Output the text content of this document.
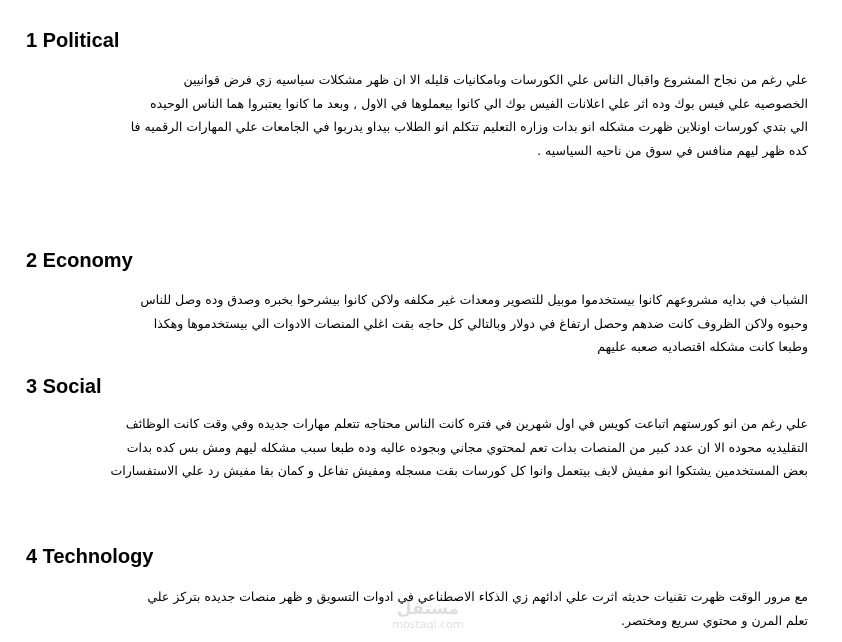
1 Political
علي رغم من نجاح المشروع واقبال الناس علي الكورسات وبامكانيات قليله الا ان ظهر مشكلات سياسيه زي فرض قوانيين
الخصوصيه علي فيس بوك وده اثر علي اعلانات الفيس بوك الي كانوا بيعملوها في الاول , وبعد ما كانوا يعتبروا هما الناس الوحيده
الي بتدي كورسات اونلاين ظهرت مشكله انو بدات وزاره التعليم تتكلم انو الطلاب بيداو يدربوا في الجامعات علي المهارات الرقميه فا
كده ظهر ليهم منافس في سوق من ناحيه السياسيه .
2 Economy
الشباب في بدايه مشروعهم كانوا بيستخدموا موبيل للتصوير ومعدات غير مكلفه ولاكن كانوا بيشرحوا بخبره وصدق وده وصل للناس
وحبوه ولاكن الظروف كانت ضدهم وحصل ارتفاغ في دولار وبالتالي كل حاجه بقت اغلي المنصات الادوات الي بيستخدموها وهكذا
وطبعا كانت مشكله اقتصاديه صعبه عليهم
3 Social
علي رغم من انو كورستهم اتباعت كويس في اول شهرين في فتره كانت الناس محتاجه تتعلم مهارات جديده وفي وقت كانت الوظائف
التقليديه محوده الا ان عدد كبير من المنصات بدات تعم لمحتوي مجاني وبجوده عاليه وده طبعا سبب مشكله ليهم ومش بس كده بدات
بعض المستخدمين يشتكوا انو مفيش لايف بيتعمل وانوا كل كورسات بقت مسجله ومفيش تفاعل و كمان بقا مفيش رد علي الاستفسارات
4 Technology
مع مرور الوقت ظهرت تقنيات حديثه اثرت علي ادائهم زي الذكاء الاصطناعي في ادوات التسويق و ظهر منصات جديده بتركز علي
تعلم المرن و محتوي سريع ومختصر.
مستقل
mostaql.com
